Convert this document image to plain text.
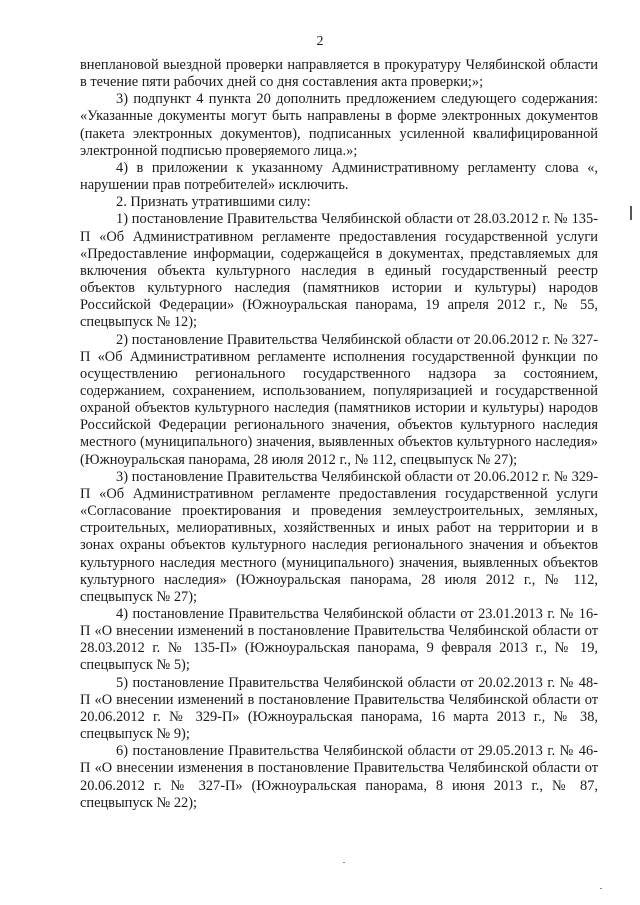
2

внеплановой выездной проверки направляется в прокуратуру Челябинской области в течение пяти рабочих дней со дня составления акта проверки;»;

3) подпункт 4 пункта 20 дополнить предложением следующего содержания: «Указанные документы могут быть направлены в форме электронных документов (пакета электронных документов), подписанных усиленной квалифицированной электронной подписью проверяемого лица.»;

4) в приложении к указанному Административному регламенту слова «, нарушении прав потребителей» исключить.

2. Признать утратившими силу:

1) постановление Правительства Челябинской области от 28.03.2012 г. № 135-П «Об Административном регламенте предоставления государственной услуги «Предоставление информации, содержащейся в документах, представляемых для включения объекта культурного наследия в единый государственный реестр объектов культурного наследия (памятников истории и культуры) народов Российской Федерации» (Южноуральская панорама, 19 апреля 2012 г., № 55, спецвыпуск № 12);

2) постановление Правительства Челябинской области от 20.06.2012 г. № 327-П «Об Административном регламенте исполнения государственной функции по осуществлению регионального государственного надзора за состоянием, содержанием, сохранением, использованием, популяризацией и государственной охраной объектов культурного наследия (памятников истории и культуры) народов Российской Федерации регионального значения, объектов культурного наследия местного (муниципального) значения, выявленных объектов культурного наследия» (Южноуральская панорама, 28 июля 2012 г., № 112, спецвыпуск № 27);

3) постановление Правительства Челябинской области от 20.06.2012 г. № 329-П «Об Административном регламенте предоставления государственной услуги «Согласование проектирования и проведения землеустроительных, земляных, строительных, мелиоративных, хозяйственных и иных работ на территории и в зонах охраны объектов культурного наследия регионального значения и объектов культурного наследия местного (муниципального) значения, выявленных объектов культурного наследия» (Южноуральская панорама, 28 июля 2012 г., № 112, спецвыпуск № 27);

4) постановление Правительства Челябинской области от 23.01.2013 г. № 16-П «О внесении изменений в постановление Правительства Челябинской области от 28.03.2012 г. № 135-П» (Южноуральская панорама, 9 февраля 2013 г., № 19, спецвыпуск № 5);

5) постановление Правительства Челябинской области от 20.02.2013 г. № 48-П «О внесении изменений в постановление Правительства Челябинской области от 20.06.2012 г. № 329-П» (Южноуральская панорама, 16 марта 2013 г., № 38, спецвыпуск № 9);

6) постановление Правительства Челябинской области от 29.05.2013 г. № 46-П «О внесении изменения в постановление Правительства Челябинской области от 20.06.2012 г. № 327-П» (Южноуральская панорама, 8 июня 2013 г., № 87, спецвыпуск № 22);
